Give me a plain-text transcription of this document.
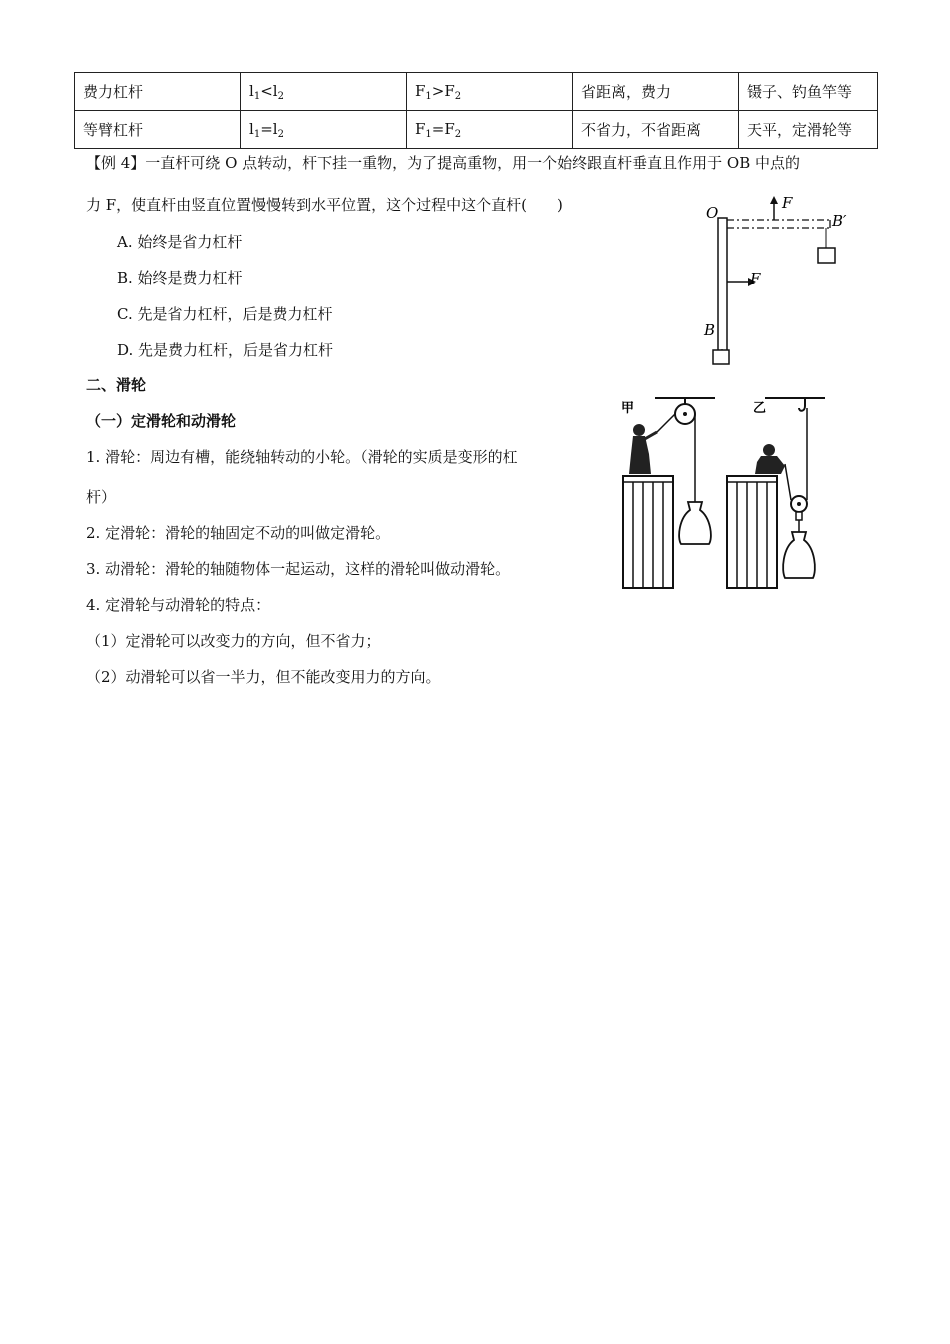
费力杠杆	$l_1<l_2$	$F_1>F_2$	省距离，费力	镊子、钓鱼竿等
等臂杠杆	$l_1=l_2$	$F_1=F_2$	不省力，不省距离	天平，定滑轮等
【例 4】一直杆可绕 O 点转动，杆下挂一重物，为了提高重物，用一个始终跟直杆垂直且作用于 OB 中点的
力 F，使直杆由竖直位置慢慢转到水平位置，这个过程中这个直杆(　　)
A. 始终是省力杠杆
B. 始终是费力杠杆
C. 先是省力杠杆，后是费力杠杆
D. 先是费力杠杆，后是省力杠杆
O
F
B′
F
B
二、滑轮
（一）定滑轮和动滑轮
1. 滑轮：周边有槽，能绕轴转动的小轮。（滑轮的实质是变形的杠
杆）
2. 定滑轮：滑轮的轴固定不动的叫做定滑轮。
3. 动滑轮：滑轮的轴随物体一起运动，这样的滑轮叫做动滑轮。
4. 定滑轮与动滑轮的特点：
（1）定滑轮可以改变力的方向，但不省力；
（2）动滑轮可以省一半力，但不能改变用力的方向。
甲	乙
